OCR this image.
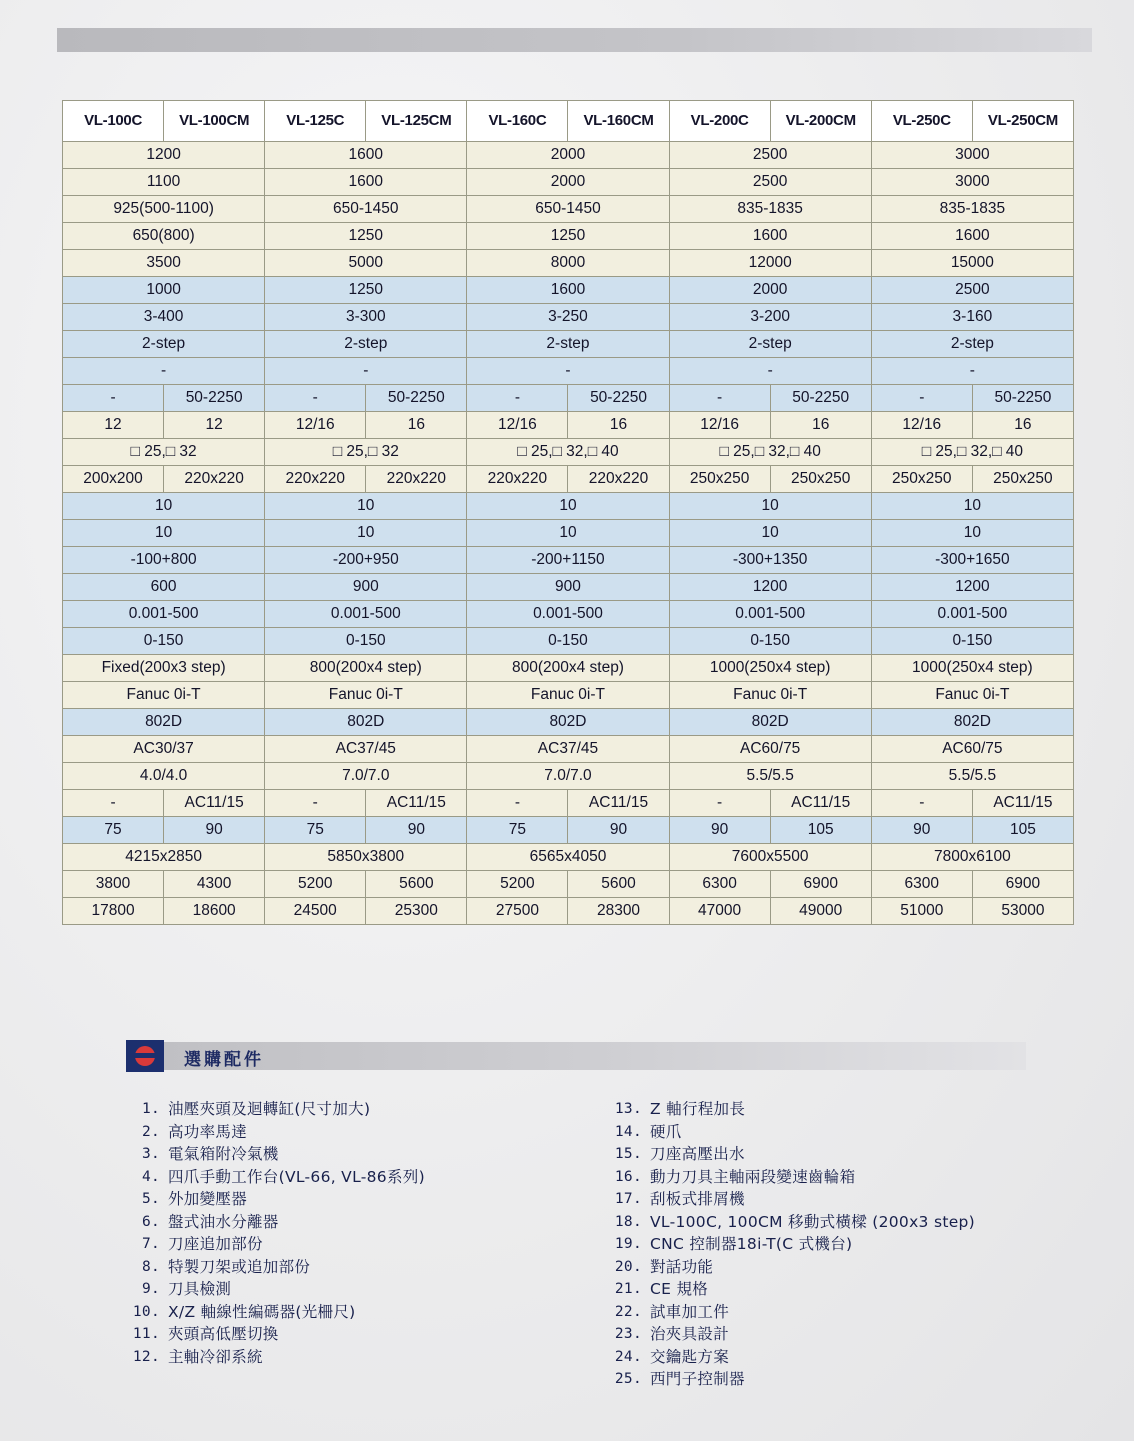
VL-100C	VL-100CM	VL-125C	VL-125CM	VL-160C	VL-160CM	VL-200C	VL-200CM	VL-250C	VL-250CM
1200		1600		2000		2500		3000	
1100		1600		2000		2500		3000	
925(500-1100)		650-1450		650-1450		835-1835		835-1835	
650(800)		1250		1250		1600		1600	
3500		5000		8000		12000		15000	
1000		1250		1600		2000		2500	
3-400		3-300		3-250		3-200		3-160	
2-step		2-step		2-step		2-step		2-step	
-		-		-		-		-	
-	50-2250	-	50-2250	-	50-2250	-	50-2250	-	50-2250
12	12	12/16	16	12/16	16	12/16	16	12/16	16
□ 25,□ 32		□ 25,□ 32		□ 25,□ 32,□ 40		□ 25,□ 32,□ 40		□ 25,□ 32,□ 40	
200x200	220x220	220x220	220x220	220x220	220x220	250x250	250x250	250x250	250x250
10		10		10		10		10	
10		10		10		10		10	
-100+800		-200+950		-200+1150		-300+1350		-300+1650	
600		900		900		1200		1200	
0.001-500		0.001-500		0.001-500		0.001-500		0.001-500	
0-150		0-150		0-150		0-150		0-150	
Fixed(200x3 step)		800(200x4 step)		800(200x4 step)		1000(250x4 step)		1000(250x4 step)	
Fanuc 0i-T		Fanuc 0i-T		Fanuc 0i-T		Fanuc 0i-T		Fanuc 0i-T	
802D		802D		802D		802D		802D	
AC30/37		AC37/45		AC37/45		AC60/75		AC60/75	
4.0/4.0		7.0/7.0		7.0/7.0		5.5/5.5		5.5/5.5	
-	AC11/15	-	AC11/15	-	AC11/15	-	AC11/15	-	AC11/15
75	90	75	90	75	90	90	105	90	105
4215x2850		5850x3800		6565x4050		7600x5500		7800x6100	
3800	4300	5200	5600	5200	5600	6300	6900	6300	6900
17800	18600	24500	25300	27500	28300	47000	49000	51000	53000
選購配件
1. 油壓夾頭及迴轉缸(尺寸加大)
2. 高功率馬達
3. 電氣箱附冷氣機
4. 四爪手動工作台(VL-66, VL-86系列)
5. 外加變壓器
6. 盤式油水分離器
7. 刀座追加部份
8. 特製刀架或追加部份
9. 刀具檢測
10. X/Z 軸線性編碼器(光柵尺)
11. 夾頭高低壓切換
12. 主軸冷卻系統
13. Z 軸行程加長
14. 硬爪
15. 刀座高壓出水
16. 動力刀具主軸兩段變速齒輪箱
17. 刮板式排屑機
18. VL-100C, 100CM 移動式橫樑 (200x3 step)
19. CNC 控制器18i-T(C 式機台)
20. 對話功能
21. CE 規格
22. 試車加工件
23. 治夾具設計
24. 交鑰匙方案
25. 西門子控制器
